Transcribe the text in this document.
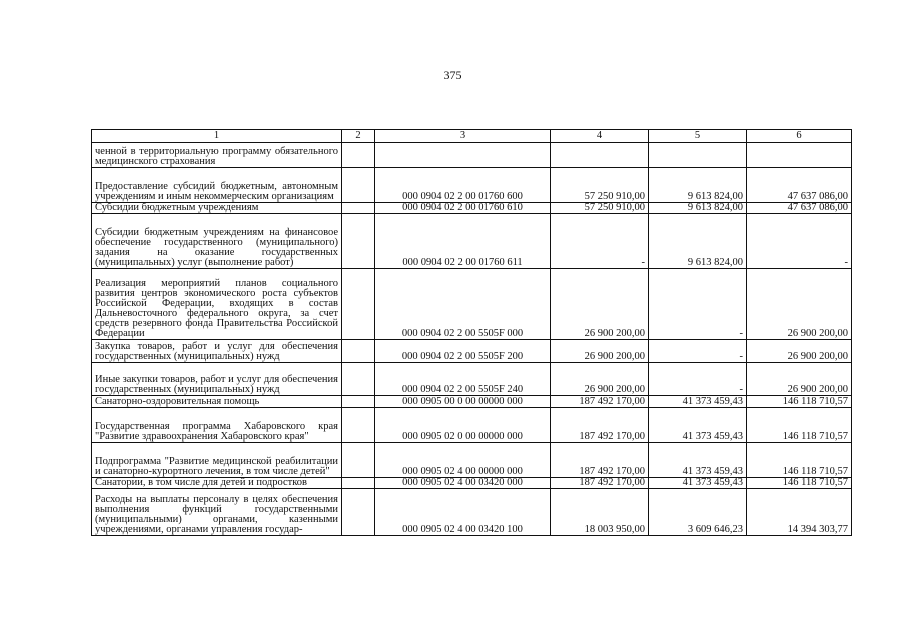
375
1	2	3	4	5	6
ченной в территориальную программу обязательного медицинского страхования					
Предоставление субсидий бюджетным, автономным учреждениям и иным некоммерческим организациям		000 0904 02 2 00 01760 600	57 250 910,00	9 613 824,00	47 637 086,00
Субсидии бюджетным учреждениям		000 0904 02 2 00 01760 610	57 250 910,00	9 613 824,00	47 637 086,00
Субсидии бюджетным учреждениям на финансовое обеспечение государственного (муниципального) задания на оказание государственных (муниципальных) услуг (выполнение работ)		000 0904 02 2 00 01760 611	-	9 613 824,00	-
Реализация мероприятий планов социального развития центров экономического роста субъектов Российской Федерации, входящих в состав Дальневосточного федерального округа, за счет средств резервного фонда Правительства Российской Федерации		000 0904 02 2 00 5505F 000	26 900 200,00	-	26 900 200,00
Закупка товаров, работ и услуг для обеспечения государственных (муниципальных) нужд		000 0904 02 2 00 5505F 200	26 900 200,00	-	26 900 200,00
Иные закупки товаров, работ и услуг для обеспечения государственных (муниципальных) нужд		000 0904 02 2 00 5505F 240	26 900 200,00	-	26 900 200,00
Санаторно-оздоровительная помощь		000 0905 00 0 00 00000 000	187 492 170,00	41 373 459,43	146 118 710,57
Государственная программа Хабаровского края "Развитие здравоохранения Хабаровского края"		000 0905 02 0 00 00000 000	187 492 170,00	41 373 459,43	146 118 710,57
Подпрограмма "Развитие медицинской реабилитации и санаторно-курортного лечения, в том числе детей"		000 0905 02 4 00 00000 000	187 492 170,00	41 373 459,43	146 118 710,57
Санатории, в том числе для детей и подростков		000 0905 02 4 00 03420 000	187 492 170,00	41 373 459,43	146 118 710,57
Расходы на выплаты персоналу в целях обеспечения выполнения функций государственными (муниципальными) органами, казенными учреждениями, органами управления государ-		000 0905 02 4 00 03420 100	18 003 950,00	3 609 646,23	14 394 303,77
